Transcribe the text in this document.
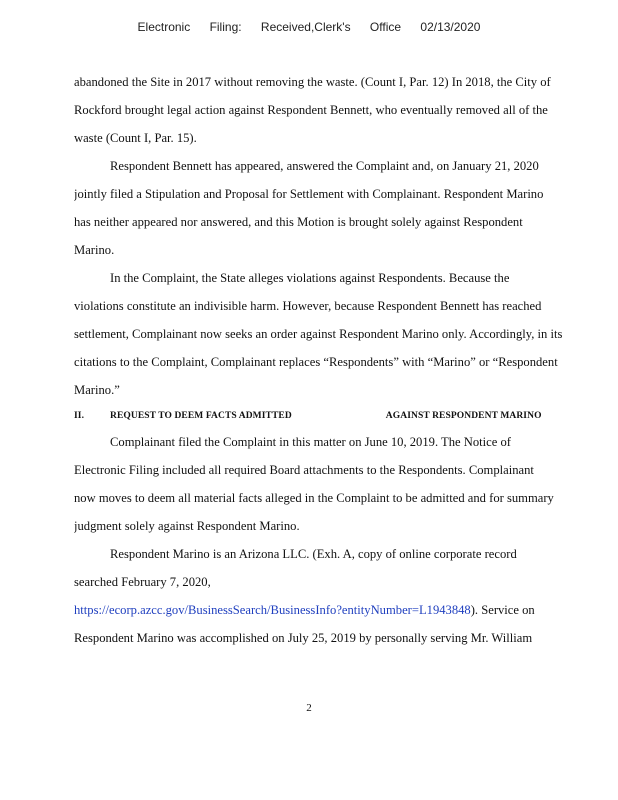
Electronic Filing: Received,Clerk's Office 02/13/2020
abandoned the Site in 2017 without removing the waste. (Count I, Par. 12) In 2018, the City of
Rockford brought legal action against Respondent Bennett, who eventually removed all of the
waste (Count I, Par. 15).
Respondent Bennett has appeared, answered the Complaint and, on January 21, 2020
jointly filed a Stipulation and Proposal for Settlement with Complainant. Respondent Marino
has neither appeared nor answered, and this Motion is brought solely against Respondent
Marino.
In the Complaint, the State alleges violations against Respondents. Because the
violations constitute an indivisible harm. However, because Respondent Bennett has reached
settlement, Complainant now seeks an order against Respondent Marino only. Accordingly, in its
citations to the Complaint, Complainant replaces “Respondents” with “Marino” or “Respondent
Marino.”
II.	REQUEST TO DEEM FACTS ADMITTED	AGAINST RESPONDENT MARINO
Complainant filed the Complaint in this matter on June 10, 2019. The Notice of
Electronic Filing included all required Board attachments to the Respondents. Complainant
now moves to deem all material facts alleged in the Complaint to be admitted and for summary
judgment solely against Respondent Marino.
Respondent Marino is an Arizona LLC. (Exh. A, copy of online corporate record
searched February 7, 2020,
https://ecorp.azcc.gov/BusinessSearch/BusinessInfo?entityNumber=L1943848). Service on
Respondent Marino was accomplished on July 25, 2019 by personally serving Mr. William
2
